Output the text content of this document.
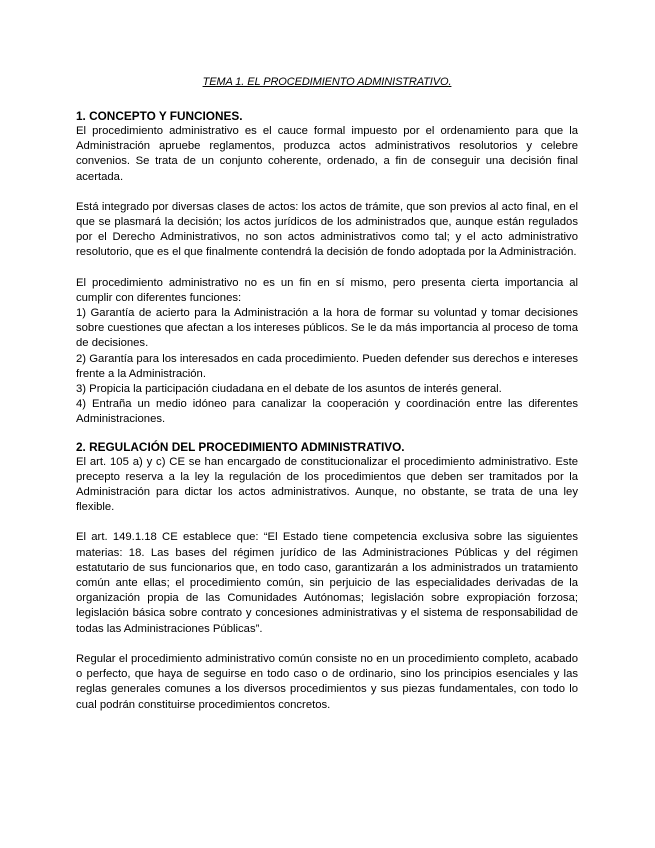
TEMA 1. EL PROCEDIMIENTO ADMINISTRATIVO.
1. CONCEPTO Y FUNCIONES.

El procedimiento administrativo es el cauce formal impuesto por el ordenamiento para que la Administración apruebe reglamentos, produzca actos administrativos resolutorios y celebre convenios. Se trata de un conjunto coherente, ordenado, a fin de conseguir una decisión final acertada.

Está integrado por diversas clases de actos: los actos de trámite, que son previos al acto final, en el que se plasmará la decisión; los actos jurídicos de los administrados que, aunque están regulados por el Derecho Administrativos, no son actos administrativos como tal; y el acto administrativo resolutorio, que es el que finalmente contendrá la decisión de fondo adoptada por la Administración.

El procedimiento administrativo no es un fin en sí mismo, pero presenta cierta importancia al cumplir con diferentes funciones:

1) Garantía de acierto para la Administración a la hora de formar su voluntad y tomar decisiones sobre cuestiones que afectan a los intereses públicos. Se le da más importancia al proceso de toma de decisiones.

2) Garantía para los interesados en cada procedimiento. Pueden defender sus derechos e intereses frente a la Administración.

3) Propicia la participación ciudadana en el debate de los asuntos de interés general.

4) Entraña un medio idóneo para canalizar la cooperación y coordinación entre las diferentes Administraciones.

2. REGULACIÓN DEL PROCEDIMIENTO ADMINISTRATIVO.

El art. 105 a) y c) CE se han encargado de constitucionalizar el procedimiento administrativo. Este precepto reserva a la ley la regulación de los procedimientos que deben ser tramitados por la Administración para dictar los actos administrativos. Aunque, no obstante, se trata de una ley flexible.

El art. 149.1.18 CE establece que: “El Estado tiene competencia exclusiva sobre las siguientes materias: 18. Las bases del régimen jurídico de las Administraciones Públicas y del régimen estatutario de sus funcionarios que, en todo caso, garantizarán a los administrados un tratamiento común ante ellas; el procedimiento común, sin perjuicio de las especialidades derivadas de la organización propia de las Comunidades Autónomas; legislación sobre expropiación forzosa; legislación básica sobre contrato y concesiones administrativas y el sistema de responsabilidad de todas las Administraciones Públicas”.

Regular el procedimiento administrativo común consiste no en un procedimiento completo, acabado o perfecto, que haya de seguirse en todo caso o de ordinario, sino los principios esenciales y las reglas generales comunes a los diversos procedimientos y sus piezas fundamentales, con todo lo cual podrán constituirse procedimientos concretos.
